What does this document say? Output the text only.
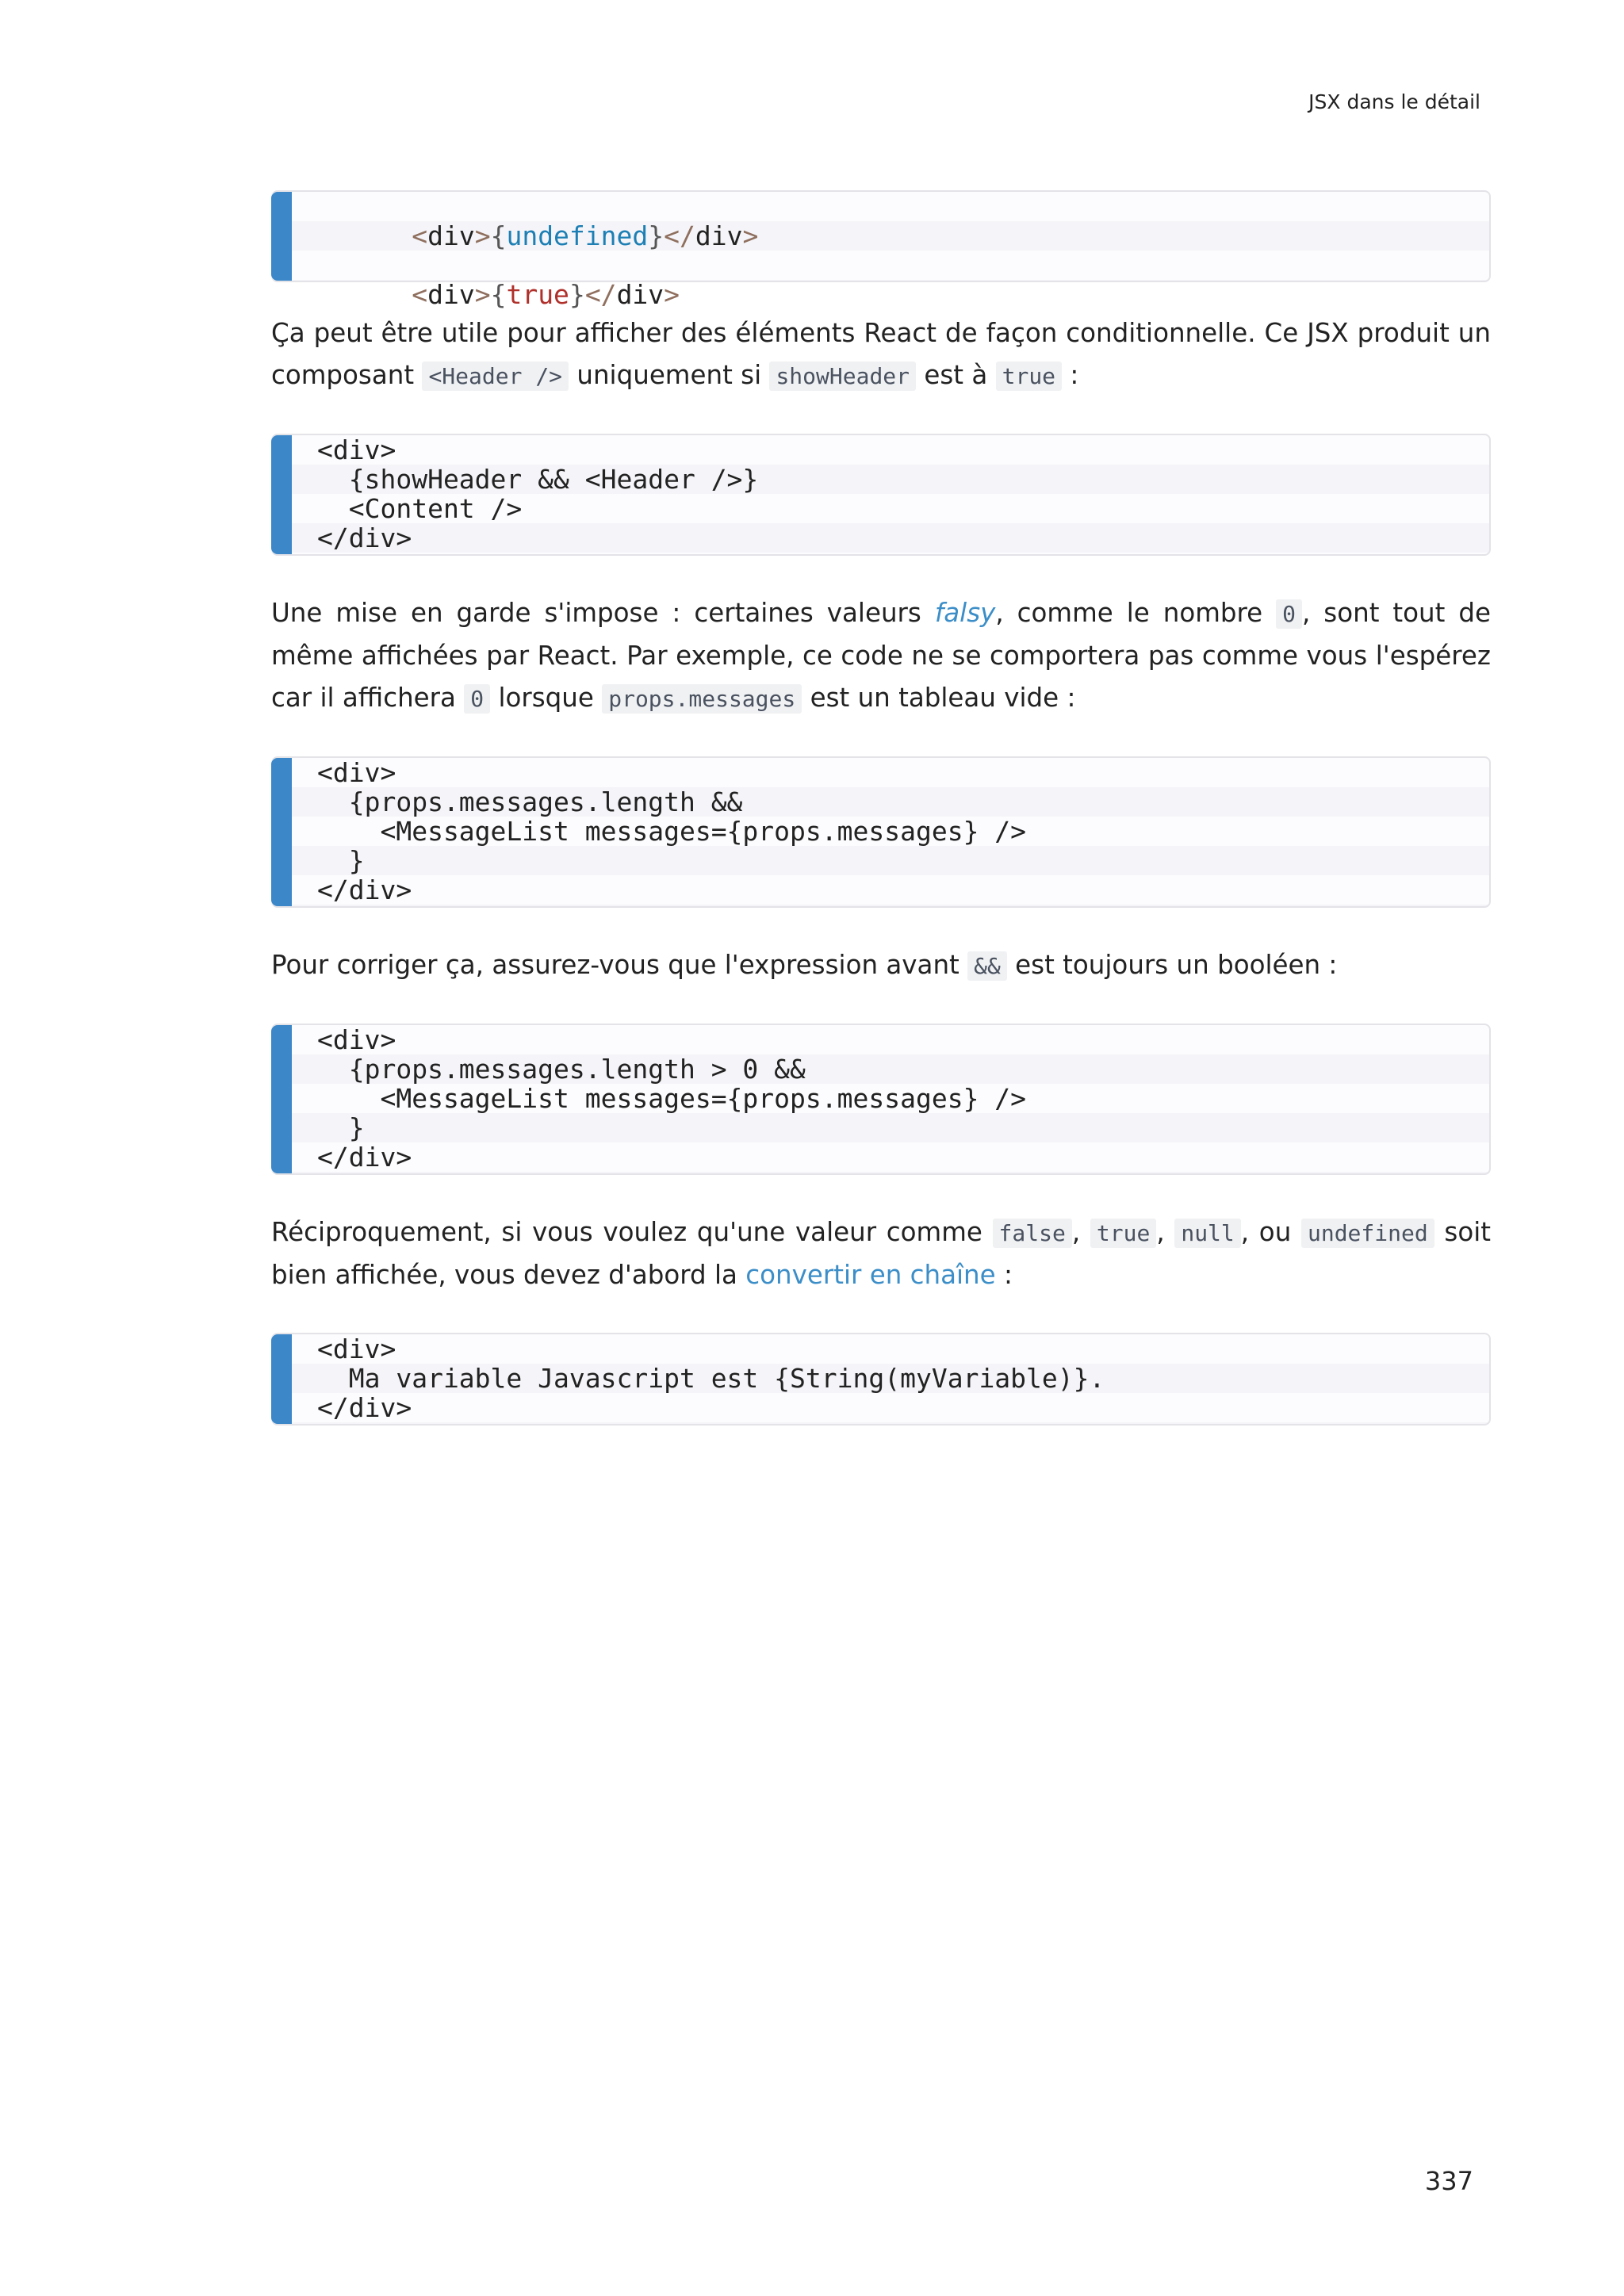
JSX dans le détail

<div>{undefined}</div>

<div>{true}</div>

Ça peut être utile pour afficher des éléments React de façon conditionnelle. Ce JSX produit un composant <Header /> uniquement si showHeader est à true :

<div>
{showHeader && <Header />}
<Content />
</div>

Une mise en garde s'impose : certaines valeurs falsy, comme le nombre 0 , sont tout de même affichées par React. Par exemple, ce code ne se comportera pas comme vous l'espérez car il affichera 0 lorsque props.messages est un tableau vide :

<div>
{props.messages.length &&
<MessageList messages={props.messages} />
}
</div>

Pour corriger ça, assurez-vous que l'expression avant && est toujours un booléen :

<div>
{props.messages.length > 0 &&
<MessageList messages={props.messages} />
}
</div>

Réciproquement, si vous voulez qu'une valeur comme false , true , null , ou undefined soit bien affichée, vous devez d'abord la convertir en chaîne :

<div>
Ma variable Javascript est {String(myVariable)}.
</div>
337
